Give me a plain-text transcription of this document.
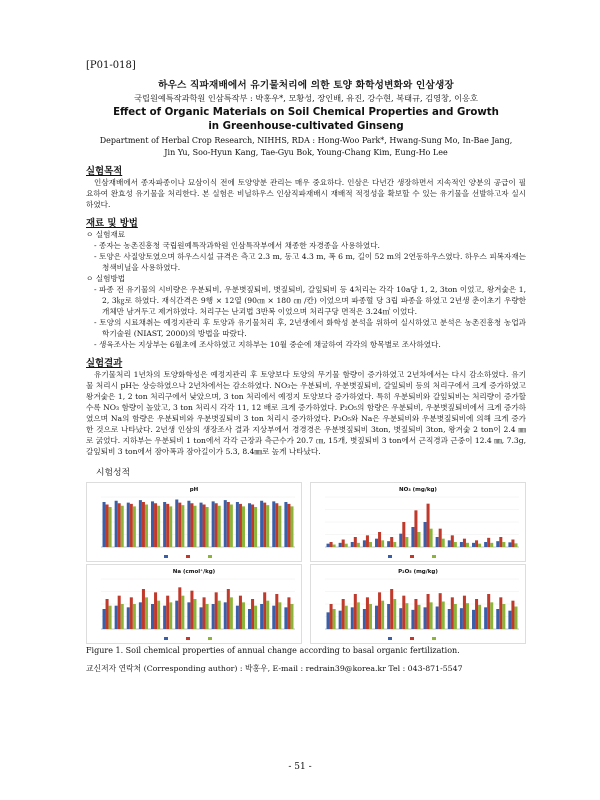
[P01-018]
하우스 직파재배에서 유기물처리에 의한 토양 화학성변화와 인삼생장
국립원예특작과학원 인삼특작부 : 박홍우*, 모황성, 장인배, 유진, 강수현, 복태규, 김영창, 이응호
Effect of Organic Materials on Soil Chemical Properties and Growth
in Greenhouse-cultivated Ginseng
Department of Herbal Crop Research, NIHHS, RDA : Hong-Woo Park*, Hwang-Sung Mo, In-Bae Jang,
Jin Yu, Soo-Hyun Kang, Tae-Gyu Bok, Young-Chang Kim, Eung-Ho Lee
실험목적
인삼재배에서 종자파종이나 묘삼이식 전에 토양양분 관리는 매우 중요하다. 인삼은 다년간 생장하면서 지속적인 양분의 공급이 필요하여 완효성 유기물을 처리한다. 본 실험은 비닐하우스 인삼직파재배시 재배적 적정성을 확보할 수 있는 유기물을 선발하고자 실시하였다.
재료 및 방법
ㅇ 실험재료
- 종자는 농촌진흥청 국립원예특작과학원 인삼특작부에서 채종한 자경종을 사용하였다.
- 토양은 사질양토였으며 하우스시설 규격은 측고 2.3 m, 동고 4.3 m, 폭 6 m, 길이 52 m의 2연동하우스였다. 하우스 피복자재는 청색비닐을 사용하였다.
ㅇ 실험방법
- 파종 전 유기물의 시비량은 우분퇴비, 우분볏짚퇴비, 볏짚퇴비, 갈잎퇴비 등 4처리는 각각 10a당 1, 2, 3ton 이었고, 왕겨숯은 1, 2, 3㎏로 하였다. 재식간격은 9행 × 12열 (90㎝ × 180 ㎝ /칸) 이었으며 파종혈 당 3립 파종을 하였고 2년생 춘이초기 우량한 개체만 남겨두고 제거하였다. 처리구는 난괴법 3반복 이었으며 처리구당 면적은 3.24㎡ 이었다.
- 토양의 시료채취는 예정지관리 후 토양과 유기물처리 후, 2년생에서 화학성 분석을 위하여 실시하였고 분석은 농촌진흥청 농업과학기술원 (NIAST, 2000)의 방법을 따랐다.
- 생육조사는 지상부는 6월초에 조사하였고 지하부는 10월 중순에 채굴하여 각각의 항목별로 조사하였다.
실험결과
유기물처리 1년차의 토양화학성은 예정지관리 후 토양보다 토양의 무기물 함량이 증가하였고 2년차에서는 다시 감소하였다. 유기물 처리시 pH는 상승하였으나 2년차에서는 감소하였다. NO₃는 우분퇴비, 우분볏짚퇴비, 갈잎퇴비 등의 처리구에서 크게 증가하였고 왕겨숯은 1, 2 ton 처리구에서 낮았으며, 3 ton 처리에서 예정지 토양보다 증가하였다. 특히 우분퇴비와 갈잎퇴비는 처리량이 증가할수록 NO₃ 함량이 높았고, 3 ton 처리시 각각 11, 12 배로 크게 증가하였다. P₂O₅의 함량은 우분퇴비, 우분볏짚퇴비에서 크게 증가하였으며 Na의 함량은 우분퇴비와 우분볏짚퇴비 3 ton 처리시 증가하였다. P₂O₅와 Na은 우분퇴비와 우분볏짚퇴비에 의해 크게 증가한 것으로 나타났다. 2년생 인삼의 생장조사 결과 지상부에서 경경경은 우분볏짚퇴비 3ton, 볏짚퇴비 3ton, 왕겨숯 2 ton이 2.4 ㎜로 굵었다. 지하부는 우분퇴비 1 ton에서 각각 근장과 측근수가 20.7 ㎝, 15개, 볏짚퇴비 3 ton에서 근직경과 근중이 12.4 ㎜, 7.3g, 갈잎퇴비 3 ton에서 잠아폭과 잠아길이가 5.3, 8.4㎜로 높게 나타났다.
시험성적
pH	NO₃ (mg/kg)
Na (cmol⁺/kg)	P₂O₅ (mg/kg)
Figure 1. Soil chemical properties of annual change according to basal organic fertilization.
교신저자 연락처 (Corresponding author) : 박홍우, E-mail : redrain39@korea.kr Tel : 043-871-5547
- 51 -
